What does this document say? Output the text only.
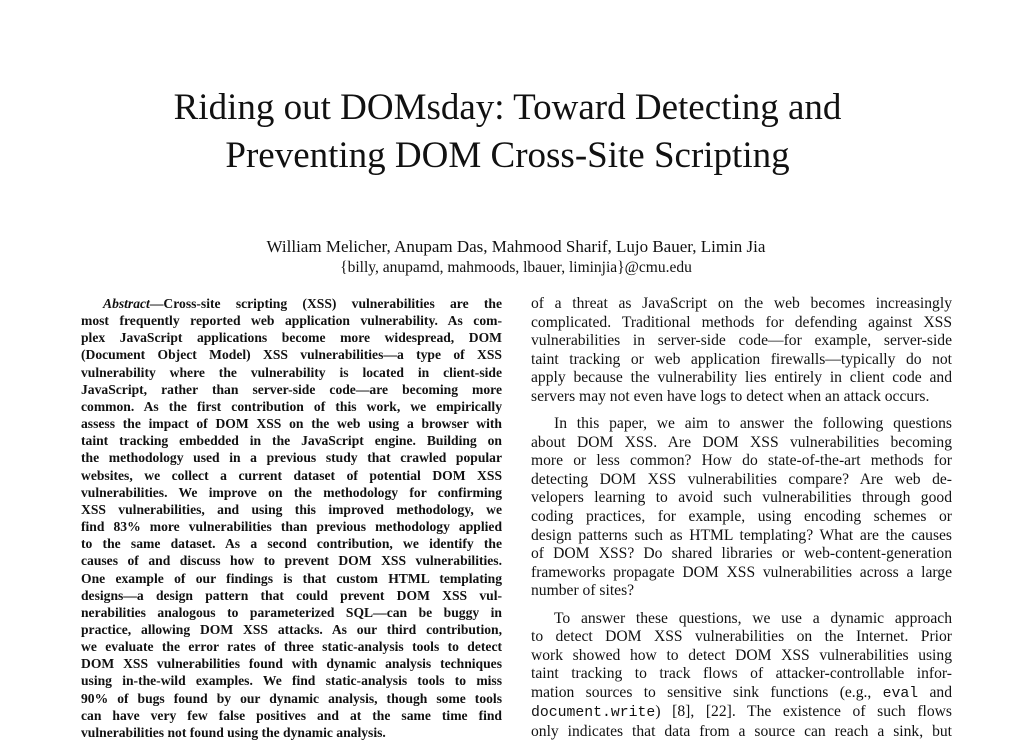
Riding out DOMsday: Toward Detecting and
Preventing DOM Cross-Site Scripting
William Melicher, Anupam Das, Mahmood Sharif, Lujo Bauer, Limin Jia
{billy, anupamd, mahmoods, lbauer, liminjia}@cmu.edu
Abstract—Cross-site scripting (XSS) vulnerabilities are the
most frequently reported web application vulnerability. As com-
plex JavaScript applications become more widespread, DOM
(Document Object Model) XSS vulnerabilities—a type of XSS
vulnerability where the vulnerability is located in client-side
JavaScript, rather than server-side code—are becoming more
common. As the first contribution of this work, we empirically
assess the impact of DOM XSS on the web using a browser with
taint tracking embedded in the JavaScript engine. Building on
the methodology used in a previous study that crawled popular
websites, we collect a current dataset of potential DOM XSS
vulnerabilities. We improve on the methodology for confirming
XSS vulnerabilities, and using this improved methodology, we
find 83% more vulnerabilities than previous methodology applied
to the same dataset. As a second contribution, we identify the
causes of and discuss how to prevent DOM XSS vulnerabilities.
One example of our findings is that custom HTML templating
designs—a design pattern that could prevent DOM XSS vul-
nerabilities analogous to parameterized SQL—can be buggy in
practice, allowing DOM XSS attacks. As our third contribution,
we evaluate the error rates of three static-analysis tools to detect
DOM XSS vulnerabilities found with dynamic analysis techniques
using in-the-wild examples. We find static-analysis tools to miss
90% of bugs found by our dynamic analysis, though some tools
can have very few false positives and at the same time find
vulnerabilities not found using the dynamic analysis.
of a threat as JavaScript on the web becomes increasingly
complicated. Traditional methods for defending against XSS
vulnerabilities in server-side code—for example, server-side
taint tracking or web application firewalls—typically do not
apply because the vulnerability lies entirely in client code and
servers may not even have logs to detect when an attack occurs.
In this paper, we aim to answer the following questions
about DOM XSS. Are DOM XSS vulnerabilities becoming
more or less common? How do state-of-the-art methods for
detecting DOM XSS vulnerabilities compare? Are web de-
velopers learning to avoid such vulnerabilities through good
coding practices, for example, using encoding schemes or
design patterns such as HTML templating? What are the causes
of DOM XSS? Do shared libraries or web-content-generation
frameworks propagate DOM XSS vulnerabilities across a large
number of sites?
To answer these questions, we use a dynamic approach
to detect DOM XSS vulnerabilities on the Internet. Prior
work showed how to detect DOM XSS vulnerabilities using
taint tracking to track flows of attacker-controllable infor-
mation sources to sensitive sink functions (e.g., eval and
document.write) [8], [22]. The existence of such flows
only indicates that data from a source can reach a sink, but
